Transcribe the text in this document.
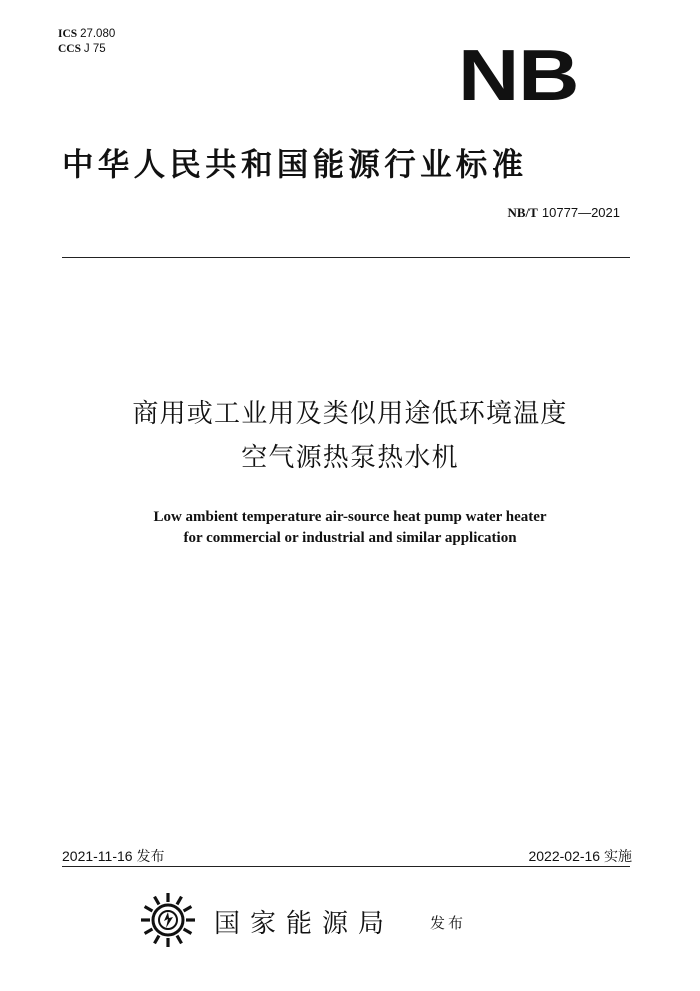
ICS 27.080
CCS J 75	NB
中华人民共和国能源行业标准
NB/T 10777—2021
商用或工业用及类似用途低环境温度
空气源热泵热水机
Low ambient temperature air-source heat pump water heater
for commercial or industrial and similar application
2021-11-16 发布	2022-02-16 实施
国家能源局 发布
